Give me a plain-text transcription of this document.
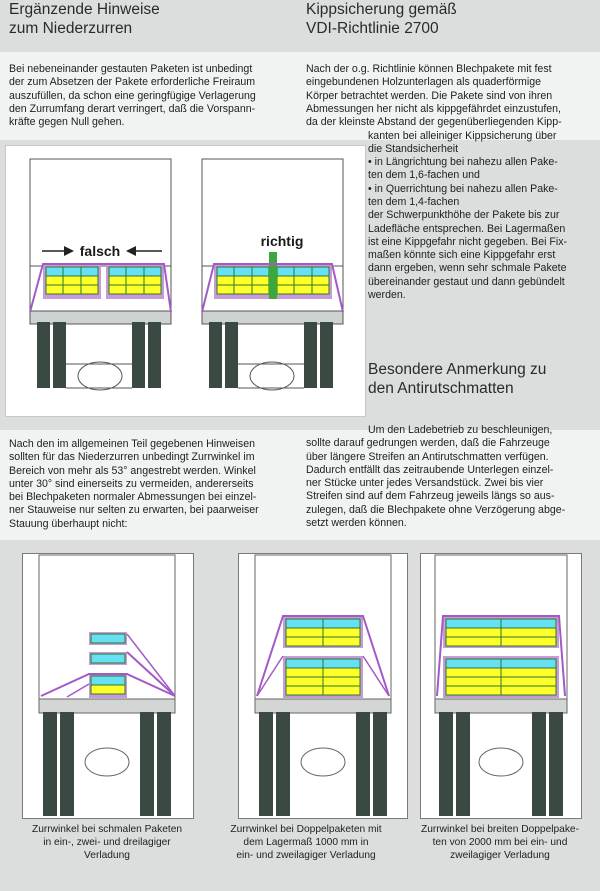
Ergänzende Hinweise
zum Niederzurren
Kippsicherung gemäß
VDI-Richtlinie 2700
Bei nebeneinander gestauten Paketen ist unbedingt
der zum Absetzen der Pakete erforderliche Freiraum
auszufüllen, da schon eine geringfügige Verlagerung
den Zurrumfang derart verringert, daß die Vorspann-
kräfte gegen Null gehen.
Nach der o.g. Richtlinie können Blechpakete mit fest
eingebundenen Holzunterlagen als quaderförmige
Körper betrachtet werden. Die Pakete sind von ihren
Abmessungen her nicht als kippgefährdet einzustufen,
da der kleinste Abstand der gegenüberliegenden Kipp-
kanten bei alleiniger Kippsicherung über
die Standsicherheit
• in Längrichtung bei nahezu allen Pake-
ten dem 1,6-fachen und
• in Querrichtung bei nahezu allen Pake-
ten dem 1,4-fachen
der Schwerpunkthöhe der Pakete bis zur
Ladefläche entsprechen. Bei Lagermaßen
ist eine Kippgefahr nicht gegeben. Bei Fix-
maßen könnte sich eine Kippgefahr erst
dann ergeben, wenn sehr schmale Pakete
übereinander gestaut und dann gebündelt
werden.
Besondere Anmerkung zu
den Antirutschmatten
Nach den im allgemeinen Teil gegebenen Hinweisen
sollten für das Niederzurren unbedingt Zurrwinkel im
Bereich von mehr als 53° angestrebt werden. Winkel
unter 30° sind einerseits zu vermeiden, andererseits
bei Blechpaketen normaler Abmessungen bei einzel-
ner Stauweise nur selten zu erwarten, bei paarweiser
Stauung überhaupt nicht:
Um den Ladebetrieb zu beschleunigen,
sollte darauf gedrungen werden, daß die Fahrzeuge
über längere Streifen an Antirutschmatten verfügen.
Dadurch entfällt das zeitraubende Unterlegen einzel-
ner Stücke unter jedes Versandstück. Zwei bis vier
Streifen sind auf dem Fahrzeug jeweils längs so aus-
zulegen, daß die Blechpakete ohne Verzögerung abge-
setzt werden können.
falsch
richtig
Zurrwinkel bei schmalen Paketen
in ein-, zwei- und dreilagiger
Verladung
Zurrwinkel bei Doppelpaketen mit
dem Lagermaß 1000 mm in
ein- und zweilagiger Verladung
Zurrwinkel bei breiten Doppelpake-
ten von 2000 mm bei ein- und
zweilagiger Verladung
